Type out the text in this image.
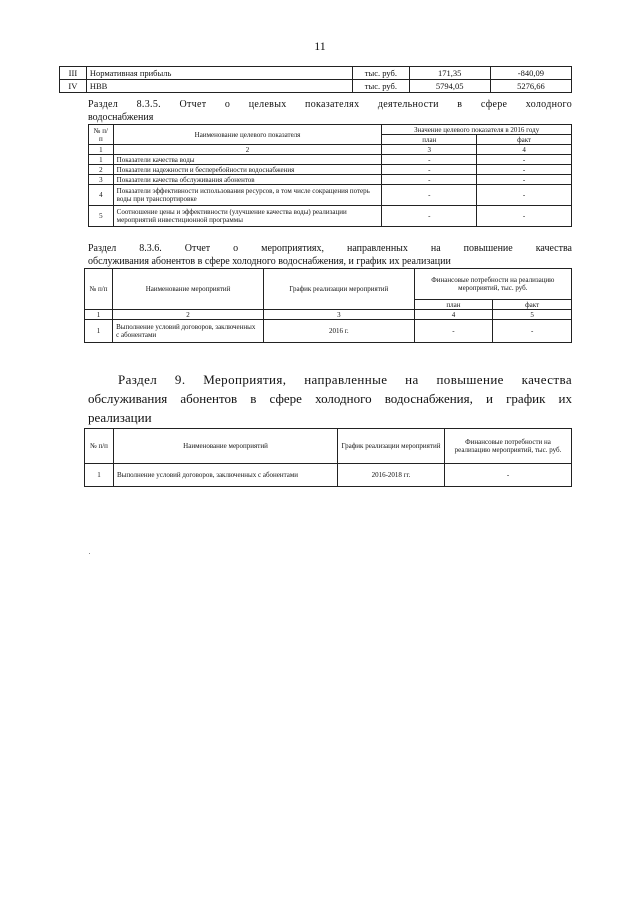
11
III	Нормативная прибыль	тыс. руб.	171,35	-840,09
IV	НВВ	тыс. руб.	5794,05	5276,66
Раздел 8.3.5. Отчет о целевых показателях деятельности в сфере холодного
водоснабжения
№ п/п	Наименование целевого показателя	Значение целевого показателя в 2016 году	
		план	факт
1	2	3	4
1	Показатели качества воды	-	-
2	Показатели надежности и бесперебойности водоснабжения	-	-
3	Показатели качества обслуживания абонентов	-	-
4	Показатели эффективности использования ресурсов, в том числе сокращения потерь воды при транспортировке	-	-
5	Соотношение цены и эффективности (улучшение качества воды) реализации мероприятий инвестиционной программы	-	-
Раздел 8.3.6. Отчет о мероприятиях, направленных на повышение качества
обслуживания абонентов в сфере холодного водоснабжения, и график их реализации
№ п/п	Наименование мероприятий	График реализации мероприятий	Финансовые потребности на реализацию мероприятий, тыс. руб.	
			план	факт
1	2	3	4	5
1	Выполнение условий договоров, заключенных с абонентами	2016 г.	-	-
Раздел 9. Мероприятия, направленные на повышение качества
обслуживания абонентов в сфере холодного водоснабжения, и график их
реализации
№ п/п	Наименование мероприятий	График реализации мероприятий	Финансовые потребности на реализацию мероприятий, тыс. руб.
1	Выполнение условий договоров, заключенных с абонентами	2016-2018 гг.	-
